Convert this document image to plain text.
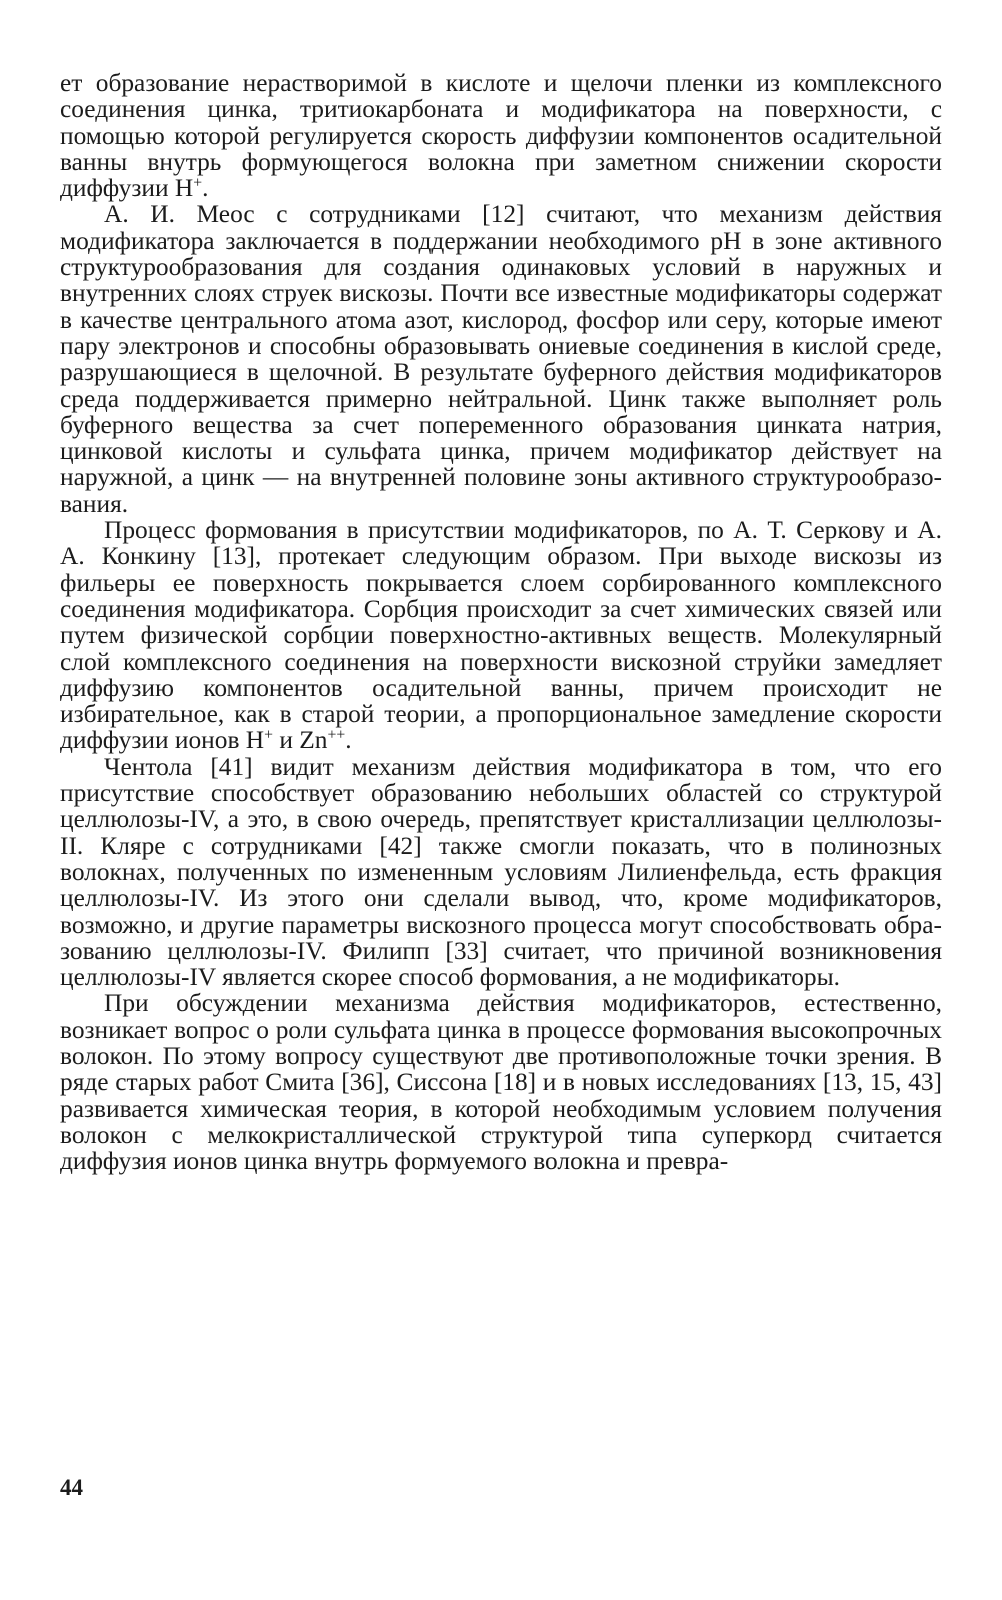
ет образование нерастворимой в кислоте и щелочи пленки из комплексного соединения цинка, тритиокарбоната и модификатора на поверхности, с помощью которой регулируется скорость диффузии компонентов осадительной ванны внутрь формующегося волокна при заметном снижении скорости диффузии H+.

А. И. Меос с сотрудниками [12] считают, что механизм действия модификатора заключается в поддержании необходимого pH в зоне активного структурообразования для создания одинаковых условий в наружных и внутренних слоях струек вискозы. Почти все известные модификаторы содержат в качестве центрального атома азот, кислород, фосфор или серу, которые имеют пару электронов и способны образовывать ониевые соединения в кислой среде, разрушающиеся в щелочной. В результате буферного действия модификаторов среда поддерживается примерно нейтральной. Цинк также выполняет роль буферного вещества за счет попеременного образования цинката натрия, цинковой кислоты и сульфата цинка, причем модификатор действует на наружной, а цинк — на внутренней половине зоны активного структурообразования.

Процесс формования в присутствии модификаторов, по А. Т. Серкову и А. А. Конкину [13], протекает следующим образом. При выходе вискозы из фильеры ее поверхность покрывается слоем сорбированного комплексного соединения модификатора. Сорбция происходит за счет химических связей или путем физической сорбции поверхностно-активных веществ. Молекулярный слой комплексного соединения на поверхности вискозной струйки замедляет диффузию компонентов осадительной ванны, причем происходит не избирательное, как в старой теории, а пропорциональное замедление скорости диффузии ионов H+ и Zn++.

Чентола [41] видит механизм действия модификатора в том, что его присутствие способствует образованию небольших областей со структурой целлюлозы-IV, а это, в свою очередь, препятствует кристаллизации целлюлозы-II. Кляре с сотрудниками [42] также смогли показать, что в полинозных волокнах, полученных по измененным условиям Лилиенфельда, есть фракция целлюлозы-IV. Из этого они сделали вывод, что, кроме модификаторов, возможно, и другие параметры вискозного процесса могут способствовать образованию целлюлозы-IV. Филипп [33] считает, что причиной возникновения целлюлозы-IV является скорее способ формования, а не модификаторы.

При обсуждении механизма действия модификаторов, естественно, возникает вопрос о роли сульфата цинка в процессе формования высокопрочных волокон. По этому вопросу существуют две противоположные точки зрения. В ряде старых работ Смита [36], Сиссона [18] и в новых исследованиях [13, 15, 43] развивается химическая теория, в которой необходимым условием получения волокон с мелкокристаллической структурой типа суперкорд считается диффузия ионов цинка внутрь формуемого волокна и превра-

44
